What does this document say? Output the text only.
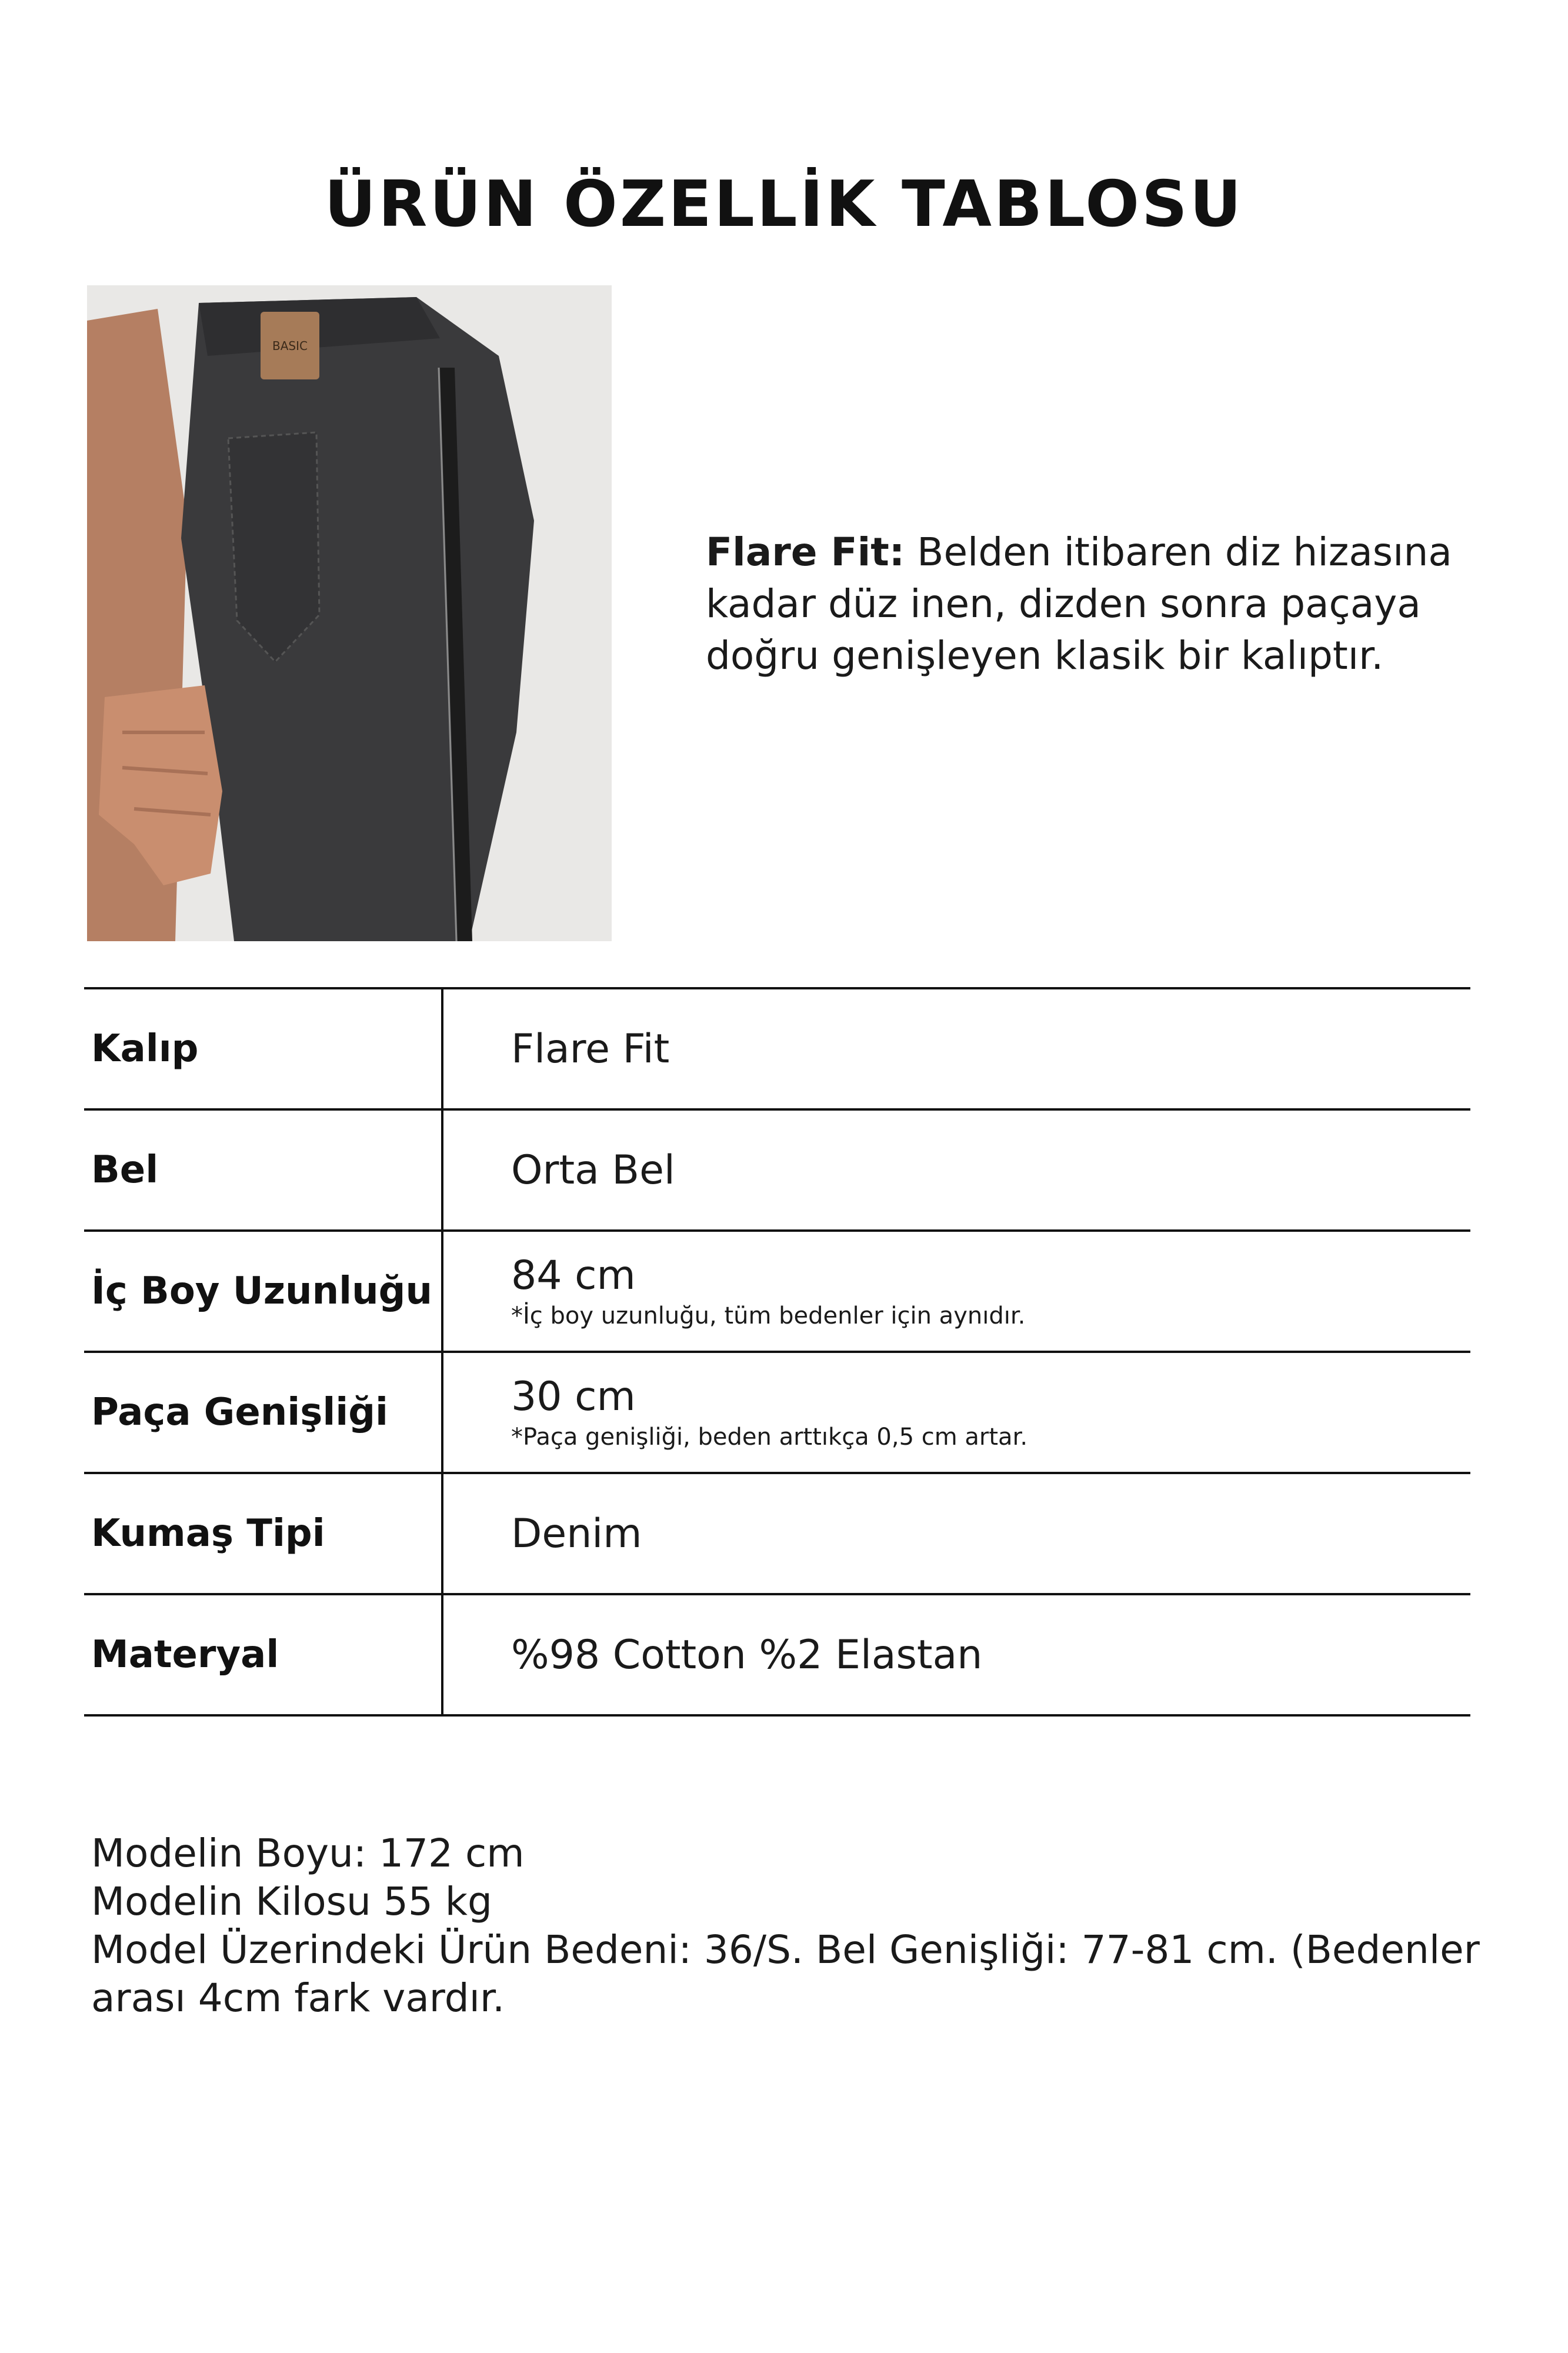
ÜRÜN ÖZELLİK TABLOSU
BASIC
Flare Fit: Belden itibaren diz hizasına kadar düz inen, dizden sonra paçaya doğru genişleyen klasik bir kalıptır.
Kalıp	Flare Fit
Bel	Orta Bel
İç Boy Uzunluğu	84 cm
*İç boy uzunluğu, tüm bedenler için aynıdır.

Paça Genişliği	30 cm
*Paça genişliği, beden arttıkça 0,5 cm artar.

Kumaş Tipi	Denim
Materyal	%98 Cotton %2 Elastan
Modelin Boyu: 172 cm
Modelin Kilosu 55 kg
Model Üzerindeki Ürün Bedeni: 36/S. Bel Genişliği: 77-81 cm. (Bedenler arası 4cm fark vardır.
